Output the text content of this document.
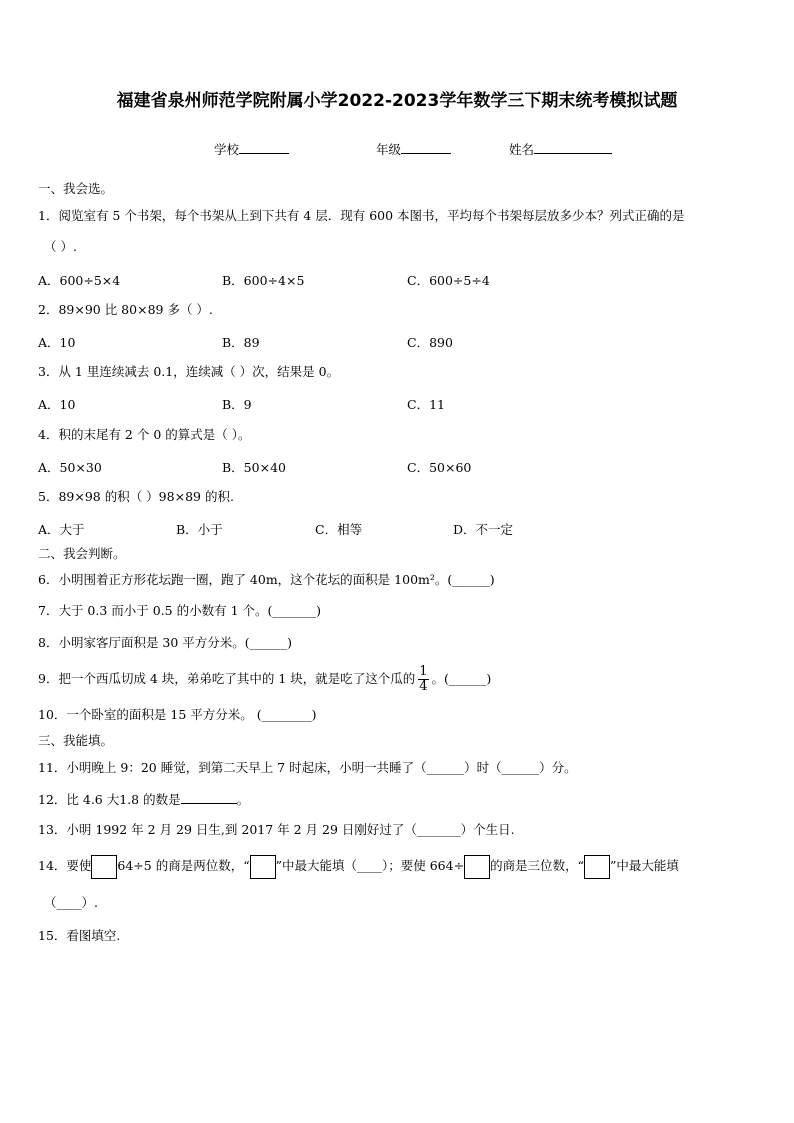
福建省泉州师范学院附属小学2022-2023学年数学三下期末统考模拟试题
学校	年级	姓名
一、我会选。
1．阅览室有 5 个书架，每个书架从上到下共有 4 层．现有 600 本图书，平均每个书架每层放多少本？列式正确的是
（ ）.
A．600÷5×4	B．600÷4×5	C．600÷5÷4
2．89×90 比 80×89 多（ ）.
A．10	B．89	C．890
3．从 1 里连续减去 0.1，连续减（ ）次，结果是 0。
A．10	B．9	C．11
4．积的末尾有 2 个 0 的算式是（ ）。
A．50×30	B．50×40	C．50×60
5．89×98 的积（ ）98×89 的积.
A．大于	B．小于	C．相等	D．不一定
二、我会判断。
6．小明围着正方形花坛跑一圈，跑了 40m，这个花坛的面积是 100m²。(______)
7．大于 0.3 而小于 0.5 的小数有 1 个。(_______)
8．小明家客厅面积是 30 平方分米。(______)
9．把一个西瓜切成 4 块，弟弟吃了其中的 1 块，就是吃了这个瓜的 $\frac{1}{4}$ 。(______)
10．一个卧室的面积是 15 平方分米。 (________)
三、我能填。
11．小明晚上 9：20 睡觉，到第二天早上 7 时起床，小明一共睡了（______）时（______）分。
12．比 4.6 大1.8 的数是	。
13．小明 1992 年 2 月 29 日生,到 2017 年 2 月 29 日刚好过了（_______）个生日.
14．要使 64÷5 的商是两位数，“ ”中最大能填（____）；要使 664÷ 的商是三位数，“ ”中最大能填
（____）.
15．看图填空.
